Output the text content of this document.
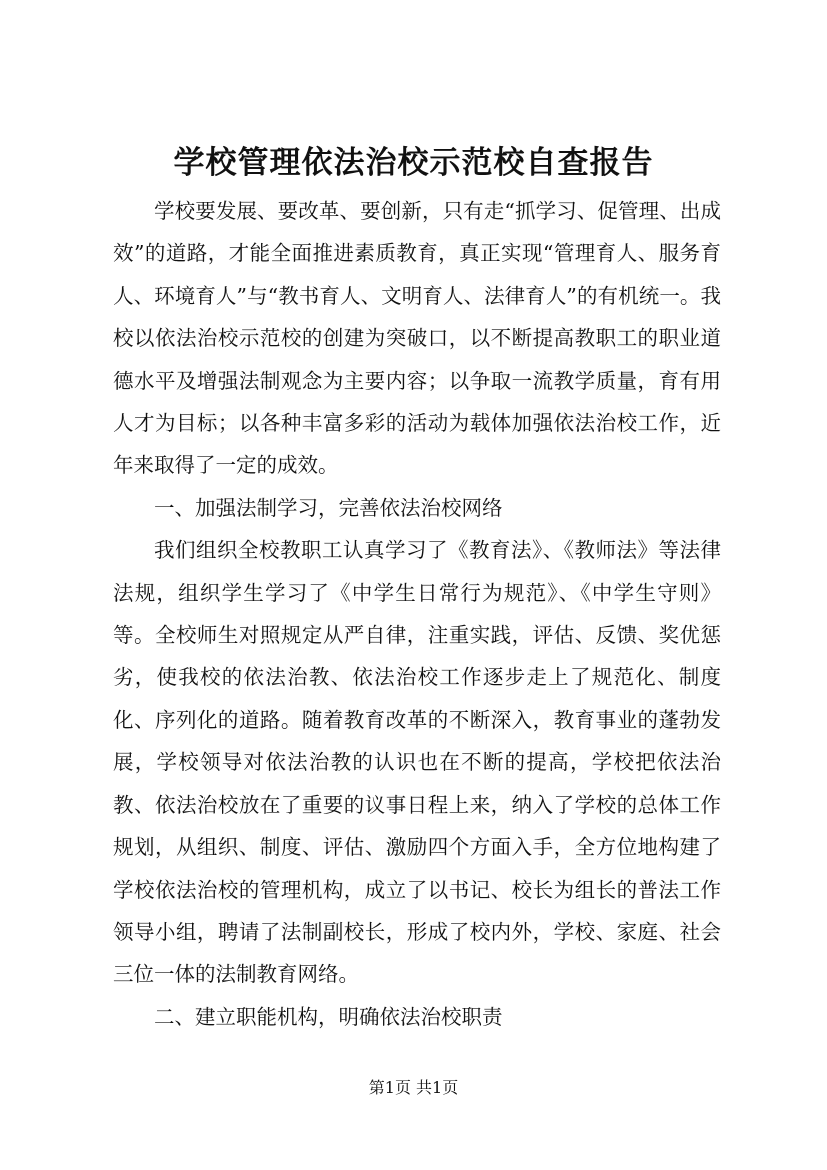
学校管理依法治校示范校自查报告

学校要发展、要改革、要创新，只有走“抓学习、促管理、出成效”的道路，才能全面推进素质教育，真正实现“管理育人、服务育人、环境育人”与“教书育人、文明育人、法律育人”的有机统一。我校以依法治校示范校的创建为突破口，以不断提高教职工的职业道德水平及增强法制观念为主要内容；以争取一流教学质量，育有用人才为目标；以各种丰富多彩的活动为载体加强依法治校工作，近年来取得了一定的成效。

一、加强法制学习，完善依法治校网络

我们组织全校教职工认真学习了《教育法》、《教师法》等法律法规，组织学生学习了《中学生日常行为规范》、《中学生守则》等。全校师生对照规定从严自律，注重实践，评估、反馈、奖优惩劣，使我校的依法治教、依法治校工作逐步走上了规范化、制度化、序列化的道路。随着教育改革的不断深入，教育事业的蓬勃发展，学校领导对依法治教的认识也在不断的提高，学校把依法治教、依法治校放在了重要的议事日程上来，纳入了学校的总体工作规划，从组织、制度、评估、激励四个方面入手，全方位地构建了学校依法治校的管理机构，成立了以书记、校长为组长的普法工作领导小组，聘请了法制副校长，形成了校内外，学校、家庭、社会三位一体的法制教育网络。

二、建立职能机构，明确依法治校职责

第1页 共1页
